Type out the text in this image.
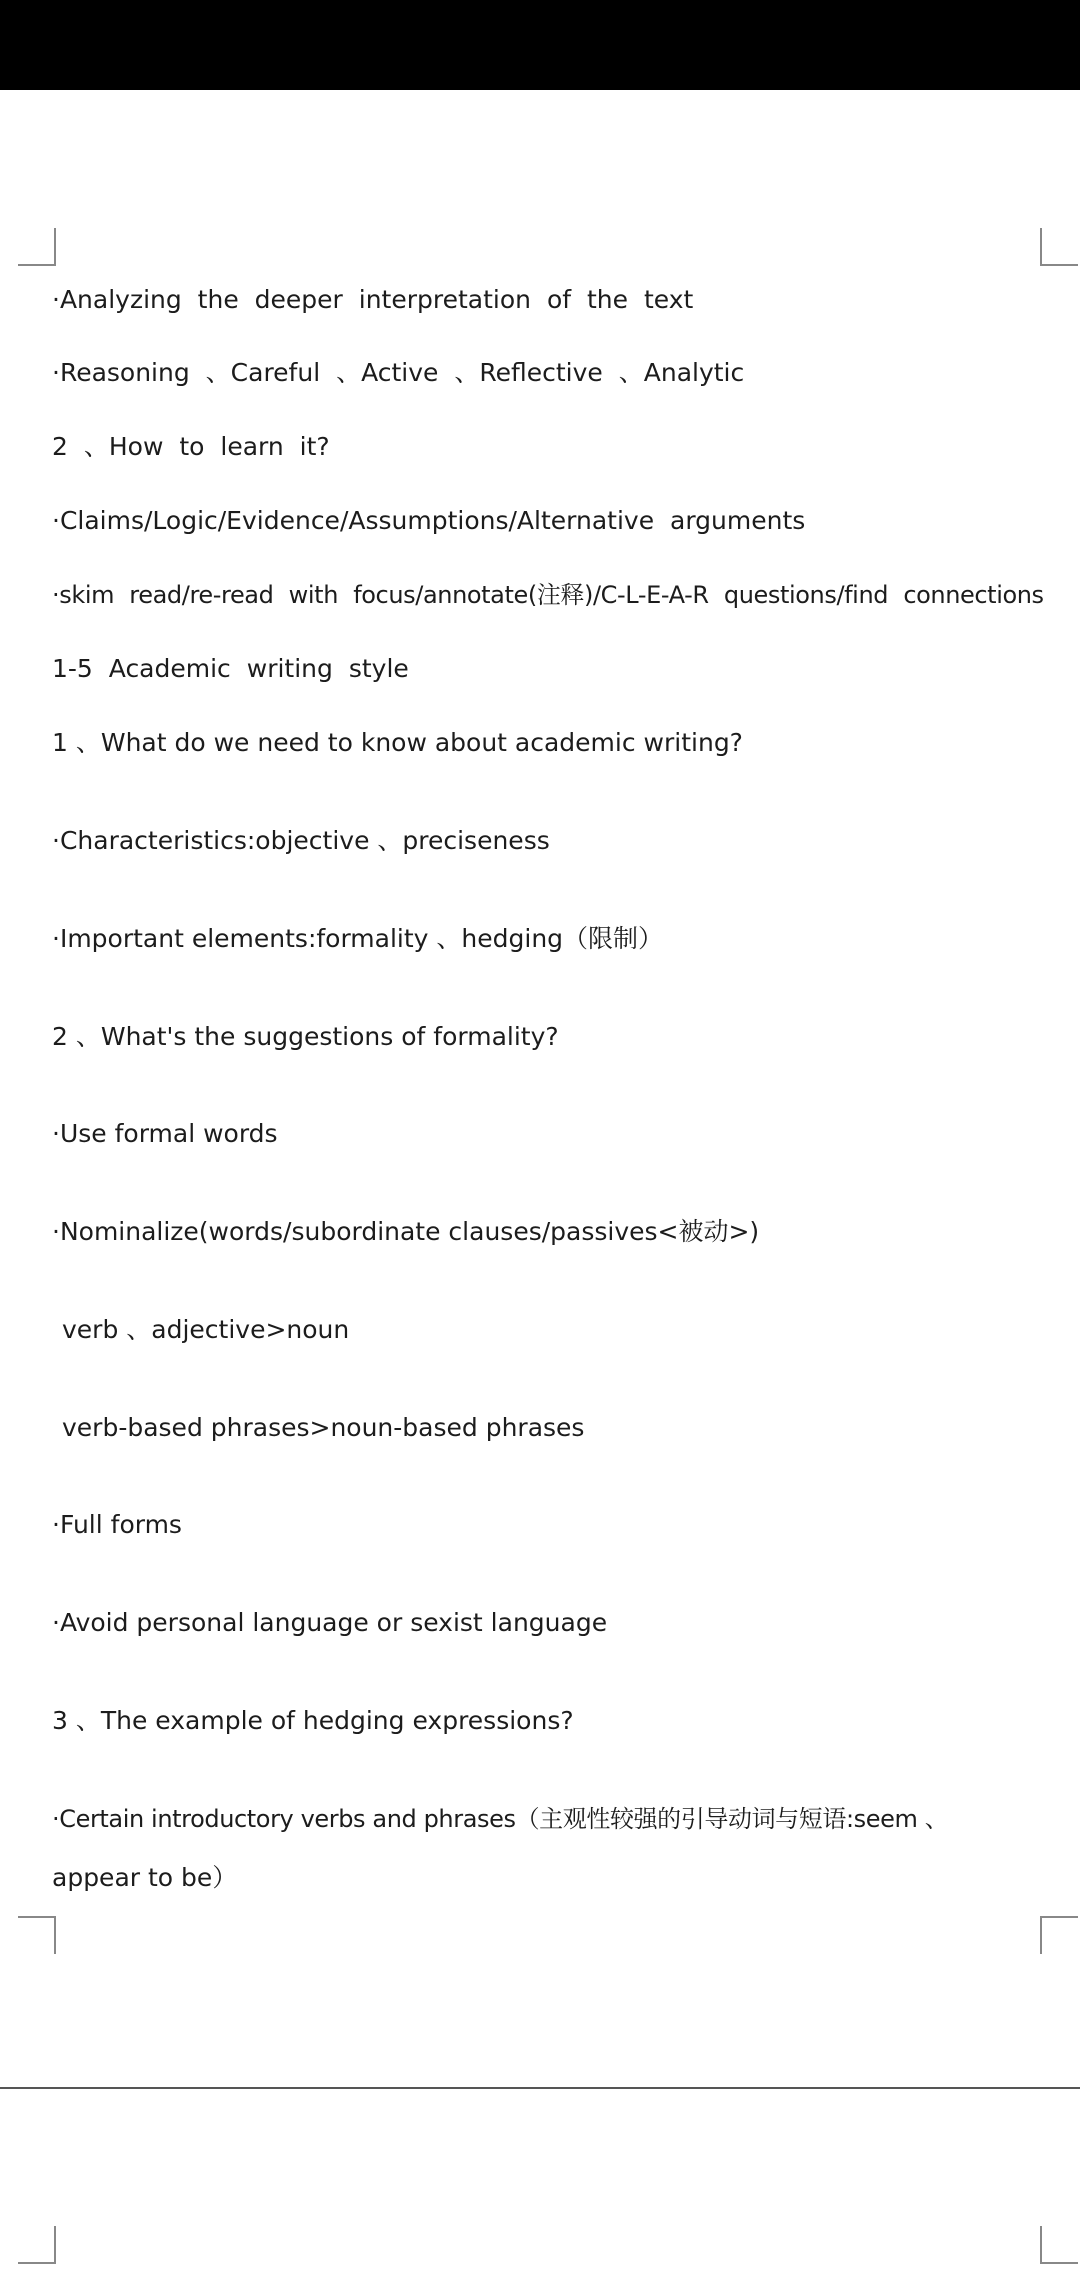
·Analyzing the deeper interpretation of the text
·Reasoning 、Careful 、Active 、Reflective 、Analytic
2 、How to learn it?
·Claims/Logic/Evidence/Assumptions/Alternative arguments
·skim read/re-read with focus/annotate(注释)/C-L-E-A-R questions/find connections
1-5 Academic writing style
1 、What do we need to know about academic writing?
·Characteristics:objective 、preciseness
·Important elements:formality 、hedging（限制）
2 、What's the suggestions of formality?
·Use formal words
·Nominalize(words/subordinate clauses/passives<被动>)
verb 、adjective>noun
verb-based phrases>noun-based phrases
·Full forms
·Avoid personal language or sexist language
3 、The example of hedging expressions?
·Certain introductory verbs and phrases（主观性较强的引导动词与短语:seem 、
appear to be）
